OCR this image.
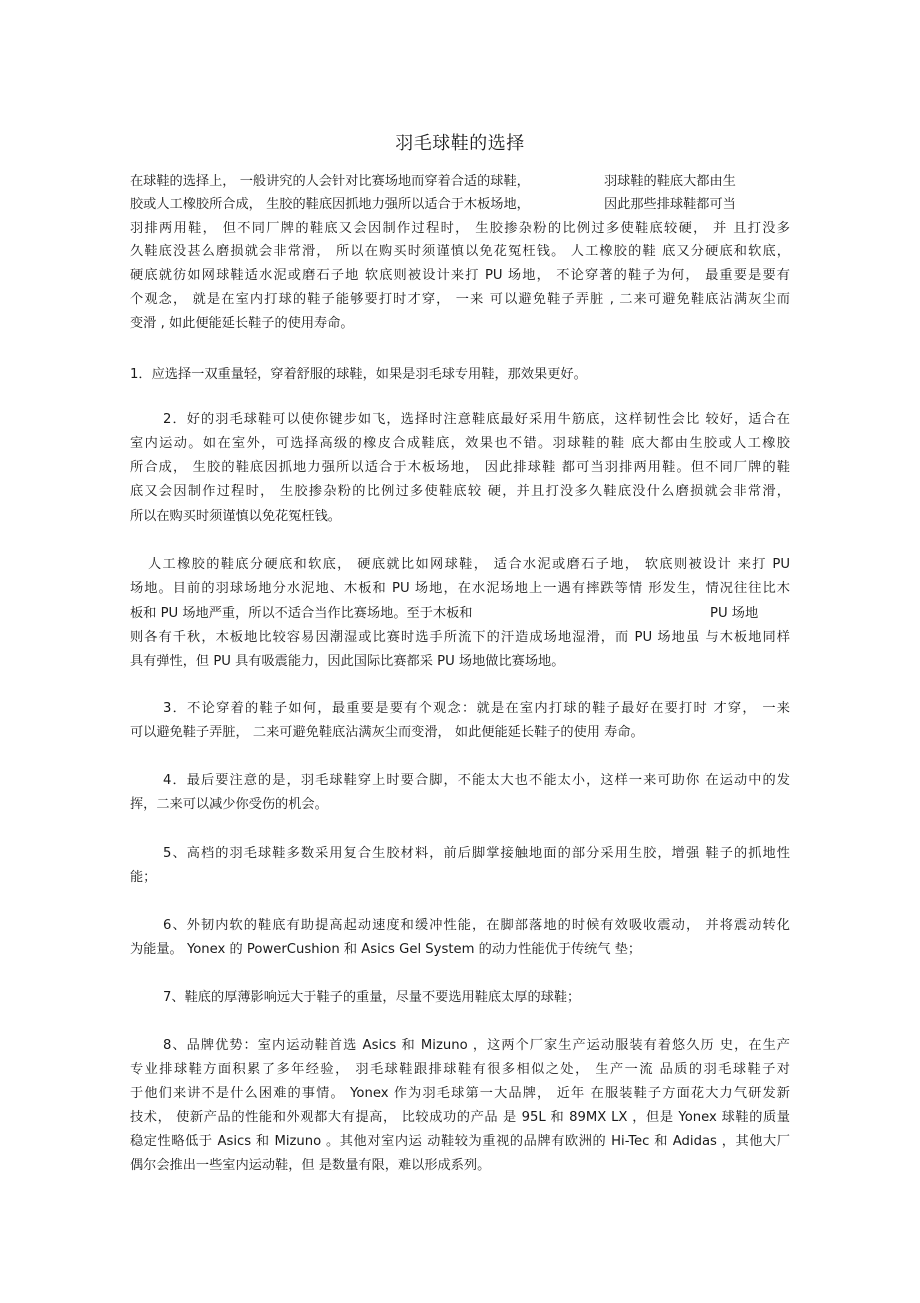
羽毛球鞋的选择
在球鞋的选择上， 一般讲究的人会针对比赛场地而穿着合适的球鞋，	羽球鞋的鞋底大都由生
胶或人工橡胶所合成， 生胶的鞋底因抓地力强所以适合于木板场地，	因此那些排球鞋都可当
羽排两用鞋， 但不同厂牌的鞋底又会因制作过程时， 生胶掺杂粉的比例过多使鞋底较硬， 并 且打没多
久鞋底没甚么磨损就会非常滑， 所以在购买时须谨慎以免花冤枉钱。 人工橡胶的鞋 底又分硬底和软底，
硬底就彷如网球鞋适水泥或磨石子地 软底则被设计来打 PU 场地， 不论穿著的鞋子为何， 最重要是要有
个观念， 就是在室内打球的鞋子能够要打时才穿， 一来 可以避免鞋子弄脏 , 二来可避免鞋底沾满灰尘而
变滑 , 如此便能延长鞋子的使用寿命。
1．应选择一双重量轻，穿着舒服的球鞋，如果是羽毛球专用鞋，那效果更好。
2．好的羽毛球鞋可以使你键步如飞，选择时注意鞋底最好采用牛筋底，这样韧性会比 较好，适合在
室内运动。如在室外，可选择高级的橡皮合成鞋底，效果也不错。羽球鞋的鞋 底大都由生胶或人工橡胶
所合成， 生胶的鞋底因抓地力强所以适合于木板场地， 因此排球鞋 都可当羽排两用鞋。但不同厂牌的鞋
底又会因制作过程时， 生胶掺杂粉的比例过多使鞋底较 硬，并且打没多久鞋底没什么磨损就会非常滑，
所以在购买时须谨慎以免花冤枉钱。
人工橡胶的鞋底分硬底和软底， 硬底就比如网球鞋， 适合水泥或磨石子地， 软底则被设计 来打 PU
场地。目前的羽球场地分水泥地、木板和 PU 场地，在水泥场地上一遇有摔跌等情 形发生，情况往往比木
板和 PU 场地严重，所以不适合当作比赛场地。至于木板和	PU 场地
则各有千秋，木板地比较容易因潮湿或比赛时选手所流下的汗造成场地湿滑，而 PU 场地虽 与木板地同样
具有弹性，但 PU 具有吸震能力，因此国际比赛都采 PU 场地做比赛场地。
3．不论穿着的鞋子如何，最重要是要有个观念：就是在室内打球的鞋子最好在要打时 才穿， 一来
可以避免鞋子弄脏， 二来可避免鞋底沾满灰尘而变滑， 如此便能延长鞋子的使用 寿命。
4．最后要注意的是，羽毛球鞋穿上时要合脚，不能太大也不能太小，这样一来可助你 在运动中的发
挥，二来可以减少你受伤的机会。
5、高档的羽毛球鞋多数采用复合生胶材料，前后脚掌接触地面的部分采用生胶，增强 鞋子的抓地性
能；
6、外韧内软的鞋底有助提高起动速度和缓冲性能，在脚部落地的时候有效吸收震动， 并将震动转化
为能量。 Yonex 的 PowerCushion 和 Asics Gel System 的动力性能优于传统气 垫；
7、鞋底的厚薄影响远大于鞋子的重量，尽量不要选用鞋底太厚的球鞋；
8、品牌优势：室内运动鞋首选 Asics 和 Mizuno ，这两个厂家生产运动服装有着悠久历 史，在生产
专业排球鞋方面积累了多年经验， 羽毛球鞋跟排球鞋有很多相似之处， 生产一流 品质的羽毛球鞋子对
于他们来讲不是什么困难的事情。 Yonex 作为羽毛球第一大品牌， 近年 在服装鞋子方面花大力气研发新
技术， 使新产品的性能和外观都大有提高， 比较成功的产品 是 95L 和 89MX LX ，但是 Yonex 球鞋的质量
稳定性略低于 Asics 和 Mizuno 。其他对室内运 动鞋较为重视的品牌有欧洲的 Hi-Tec 和 Adidas ，其他大厂
偶尔会推出一些室内运动鞋，但 是数量有限，难以形成系列。
